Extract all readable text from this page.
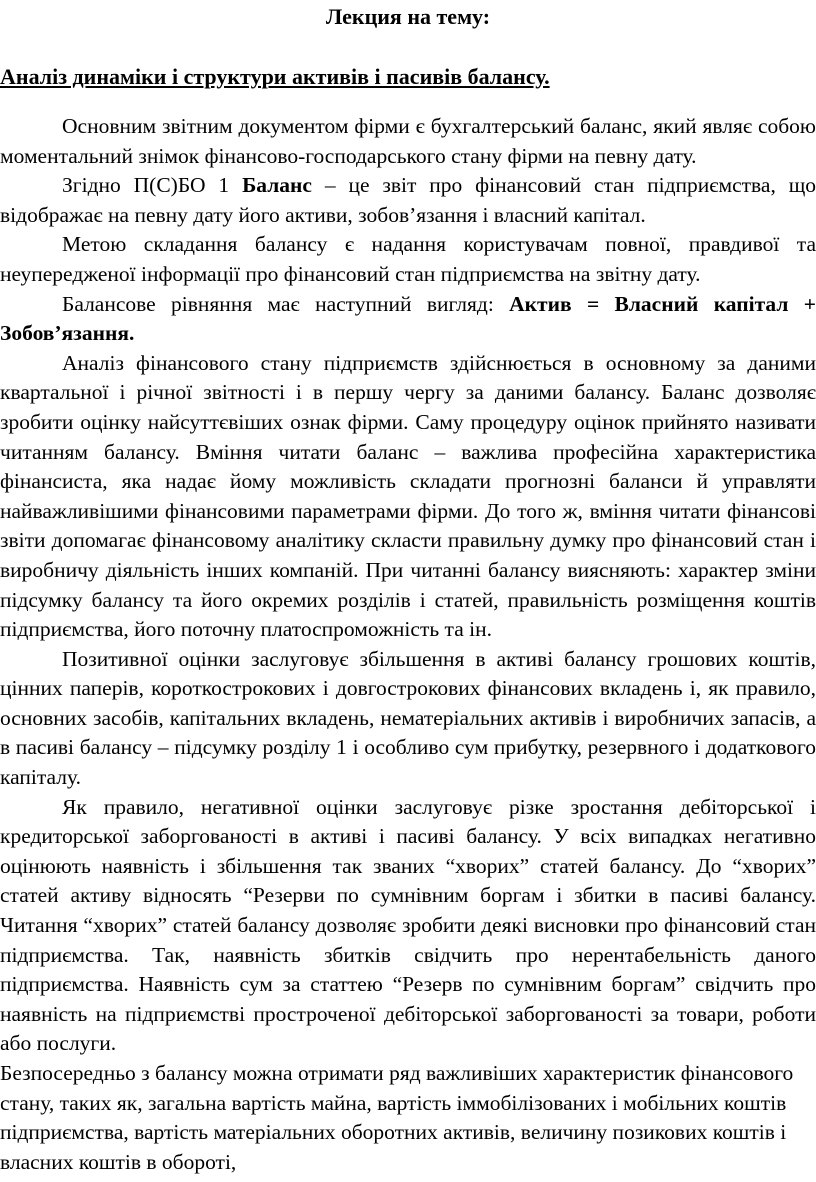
Лекция на тему:
Аналіз динаміки і структури активів і пасивів балансу.

Основним звітним документом фірми є бухгалтерський баланс, який являє собою моментальний знімок фінансово-господарського стану фірми на певну дату.

Згідно П(С)БО 1 Баланс – це звіт про фінансовий стан підприємства, що відображає на певну дату його активи, зобов’язання і власний капітал.

Метою складання балансу є надання користувачам повної, правдивої та неупередженої інформації про фінансовий стан підприємства на звітну дату.

Балансове рівняння має наступний вигляд: Актив = Власний капітал + Зобов’язання.

Аналіз фінансового стану підприємств здійснюється в основному за даними квартальної і річної звітності і в першу чергу за даними балансу. Баланс дозволяє зробити оцінку найсуттєвіших ознак фірми. Саму процедуру оцінок прийнято називати читанням балансу. Вміння читати баланс – важлива професійна характеристика фінансиста, яка надає йому можливість складати прогнозні баланси й управляти найважливішими фінансовими параметрами фірми. До того ж, вміння читати фінансові звіти допомагає фінансовому аналітику скласти правильну думку про фінансовий стан і виробничу діяльність інших компаній. При читанні балансу виясняють: характер зміни підсумку балансу та його окремих розділів і статей, правильність розміщення коштів підприємства, його поточну платоспроможність та ін.

Позитивної оцінки заслуговує збільшення в активі балансу грошових коштів, цінних паперів, короткострокових і довгострокових фінансових вкладень і, як правило, основних засобів, капітальних вкладень, нематеріальних активів і виробничих запасів, а в пасиві балансу – підсумку розділу 1 і особливо сум прибутку, резервного і додаткового капіталу.

Як правило, негативної оцінки заслуговує різке зростання дебіторської і кредиторської заборгованості в активі і пасиві балансу. У всіх випадках негативно оцінюють наявність і збільшення так званих “хворих” статей балансу. До “хворих” статей активу відносять “Резерви по сумнівним боргам і збитки в пасиві балансу. Читання “хворих” статей балансу дозволяє зробити деякі висновки про фінансовий стан підприємства. Так, наявність збитків свідчить про нерентабельність даного підприємства. Наявність сум за статтею “Резерв по сумнівним боргам” свідчить про наявність на підприємстві простроченої дебіторської заборгованості за товари, роботи або послуги.

Безпосередньо з балансу можна отримати ряд важливіших характеристик фінансового стану, таких як, загальна вартість майна, вартість іммобілізованих і мобільних коштів підприємства, вартість матеріальних оборотних активів, величину позикових коштів і власних коштів в обороті,
